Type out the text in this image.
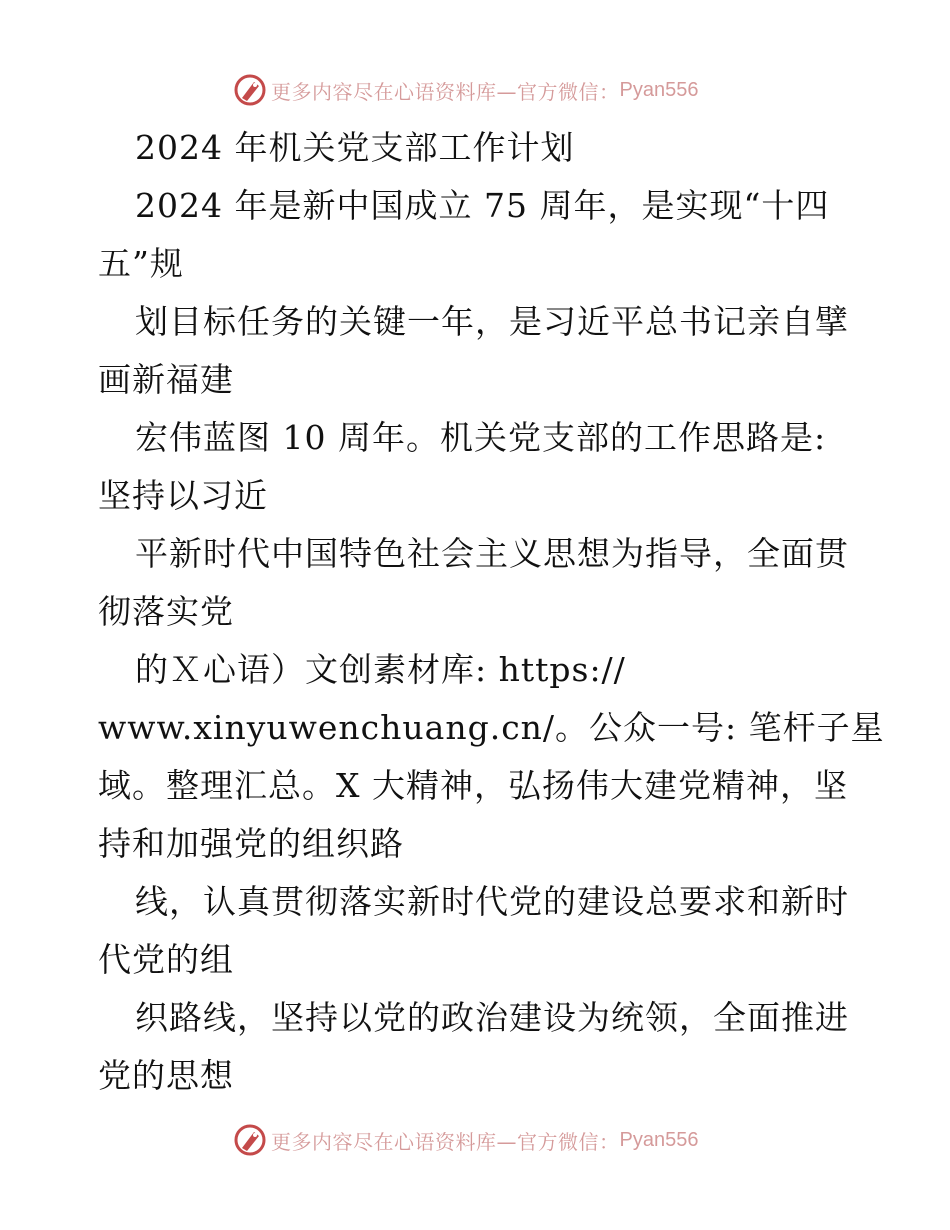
更多内容尽在心语资料库—官方微信： Pyan556
2024 年机关党支部工作计划
2024 年是新中国成立 75 周年，是实现“十四
五”规
划目标任务的关键一年，是习近平总书记亲自擘
画新福建
宏伟蓝图 10 周年。机关党支部的工作思路是:
坚持以习近
平新时代中国特色社会主义思想为指导，全面贯
彻落实党
的Ｘ心语）文创素材库: https://
www.xinyuwenchuang.cn/。公众一号: 笔杆子星
域。整理汇总。X 大精神，弘扬伟大建党精神，坚
持和加强党的组织路
线，认真贯彻落实新时代党的建设总要求和新时
代党的组
织路线，坚持以党的政治建设为统领，全面推进
党的思想
更多内容尽在心语资料库—官方微信： Pyan556
